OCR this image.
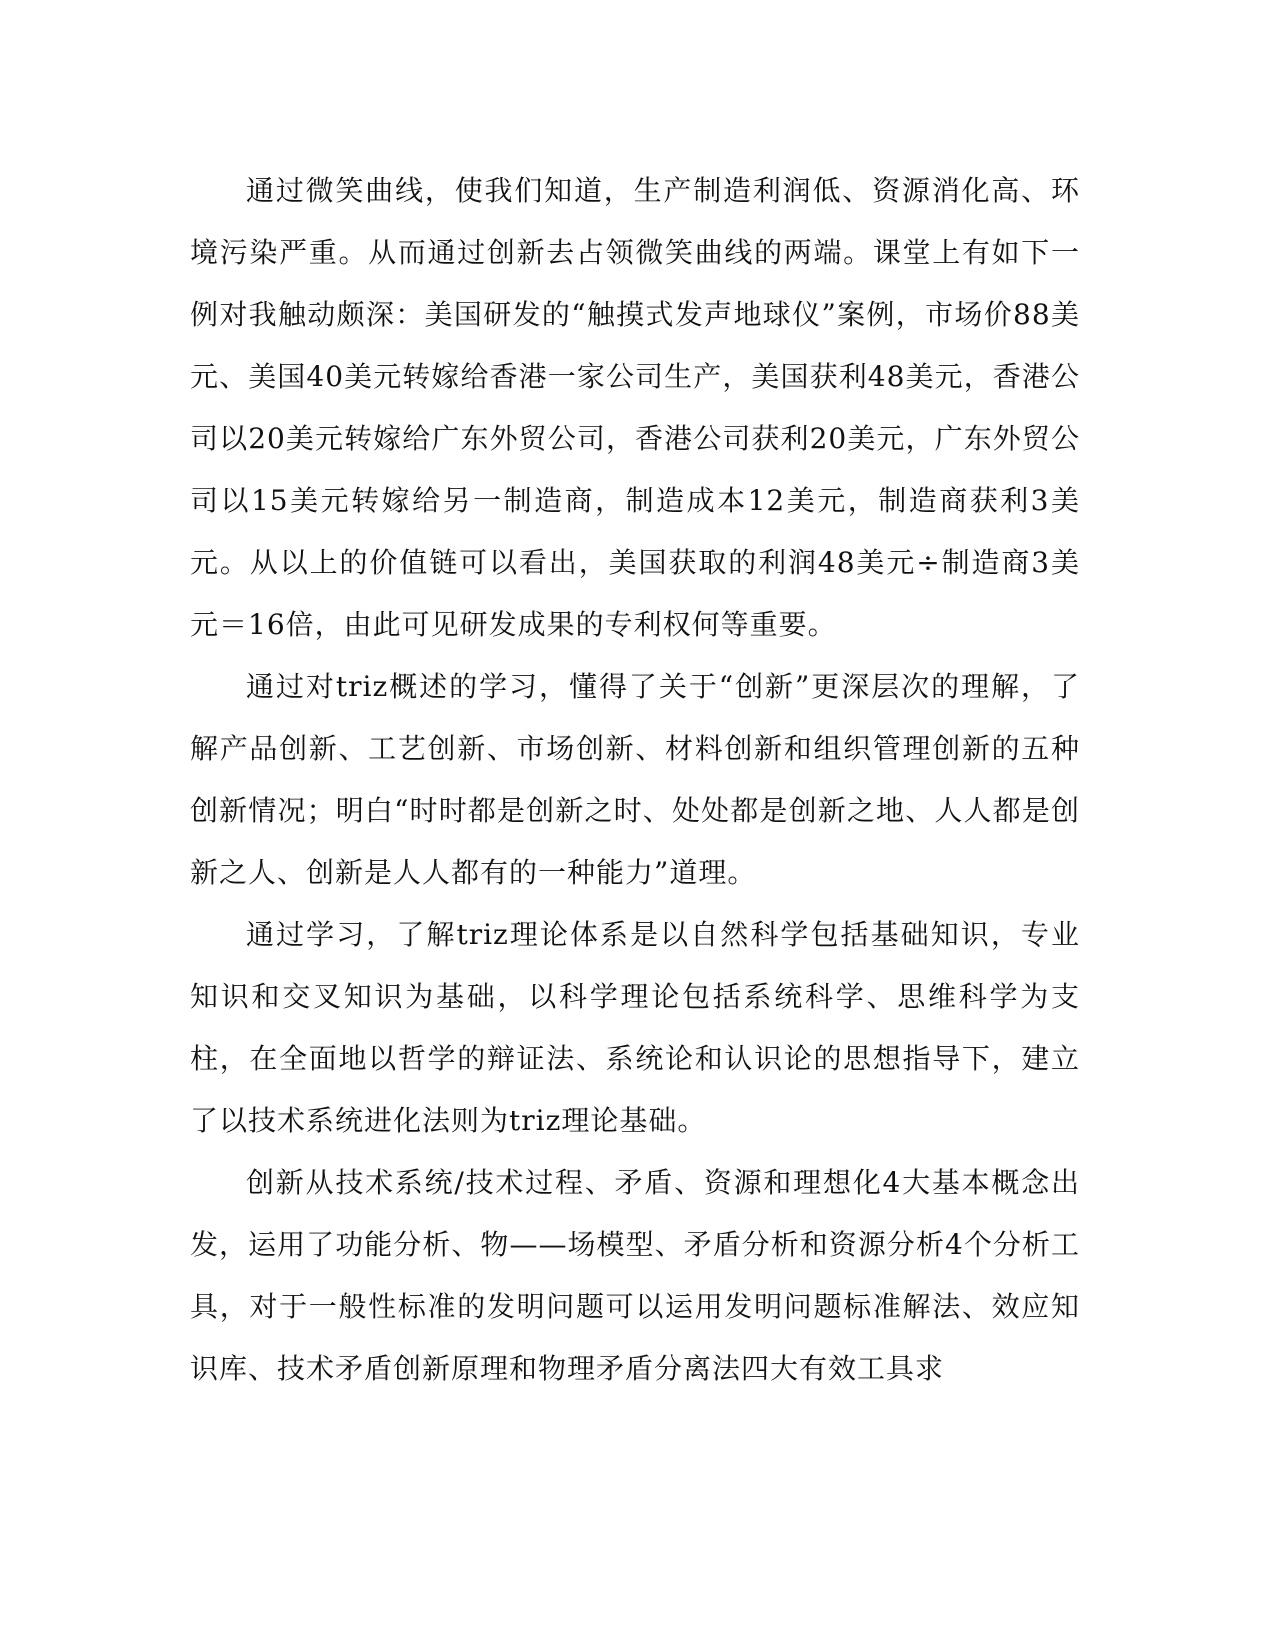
通过微笑曲线，使我们知道，生产制造利润低、资源消化高、环境污染严重。从而通过创新去占领微笑曲线的两端。课堂上有如下一例对我触动颇深：美国研发的“触摸式发声地球仪”案例，市场价88美元、美国40美元转嫁给香港一家公司生产，美国获利48美元，香港公司以20美元转嫁给广东外贸公司，香港公司获利20美元，广东外贸公司以15美元转嫁给另一制造商，制造成本12美元，制造商获利3美元。从以上的价值链可以看出，美国获取的利润48美元÷制造商3美元＝16倍，由此可见研发成果的专利权何等重要。

通过对triz概述的学习，懂得了关于“创新”更深层次的理解，了解产品创新、工艺创新、市场创新、材料创新和组织管理创新的五种创新情况；明白“时时都是创新之时、处处都是创新之地、人人都是创新之人、创新是人人都有的一种能力”道理。

通过学习，了解triz理论体系是以自然科学包括基础知识，专业知识和交叉知识为基础，以科学理论包括系统科学、思维科学为支柱，在全面地以哲学的辩证法、系统论和认识论的思想指导下，建立了以技术系统进化法则为triz理论基础。

创新从技术系统/技术过程、矛盾、资源和理想化4大基本概念出发，运用了功能分析、物——场模型、矛盾分析和资源分析4个分析工具，对于一般性标准的发明问题可以运用发明问题标准解法、效应知识库、技术矛盾创新原理和物理矛盾分离法四大有效工具求
